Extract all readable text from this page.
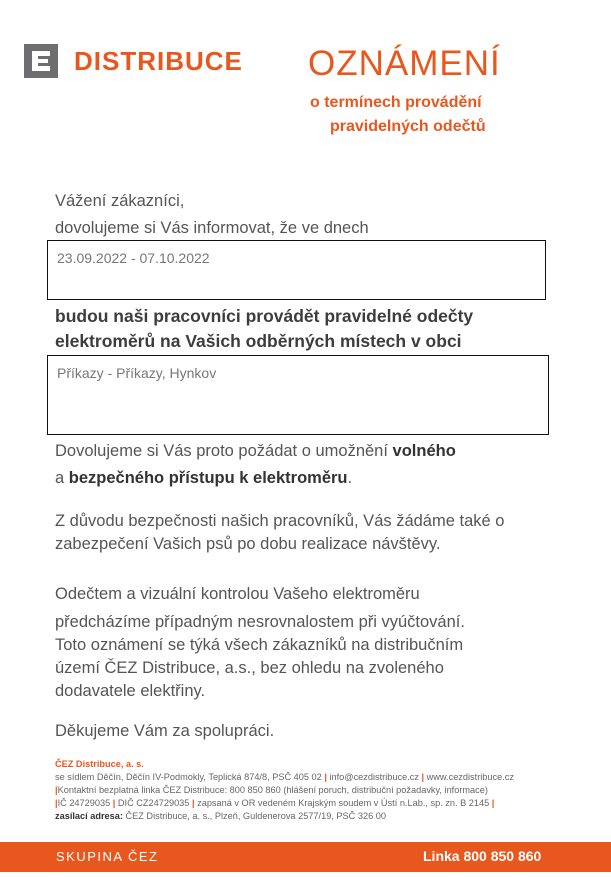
DISTRIBUCE OZNÁMENÍ
o termínech provádění
pravidelných odečtů
Vážení zákazníci,
dovolujeme si Vás informovat, že ve dnech
23.09.2022 - 07.10.2022
budou naši pracovníci provádět pravidelné odečty
elektroměrů na Vašich odběrných místech v obci
Příkazy - Příkazy, Hynkov
Dovolujeme si Vás proto požádat o umožnění volného
a bezpečného přístupu k elektroměru.
Z důvodu bezpečnosti našich pracovníků, Vás žádáme také o
zabezpečení Vašich psů po dobu realizace návštěvy.
Odečtem a vizuální kontrolou Vašeho elektroměru
předcházíme případným nesrovnalostem při vyúčtování.
Toto oznámení se týká všech zákazníků na distribučním
území ČEZ Distribuce, a.s., bez ohledu na zvoleného
dodavatele elektřiny.
Děkujeme Vám za spolupráci.
ČEZ Distribuce, a. s.
se sídlem Děčín, Děčín IV-Podmokly, Teplická 874/8, PSČ 405 02 | info@cezdistribuce.cz | www.cezdistribuce.cz
|Kontaktní bezplatná linka ČEZ Distribuce: 800 850 860 (hlášení poruch, distribuční požadavky, informace)
|IČ 24729035 | DIČ CZ24729035 | zapsaná v OR vedeném Krajským soudem v Ústí n.Lab., sp. zn. B 2145 |
zasílací adresa: ČEZ Distribuce, a. s., Plzeň, Guldenerova 2577/19, PSČ 326 00
SKUPINA ČEZ	Linka 800 850 860
